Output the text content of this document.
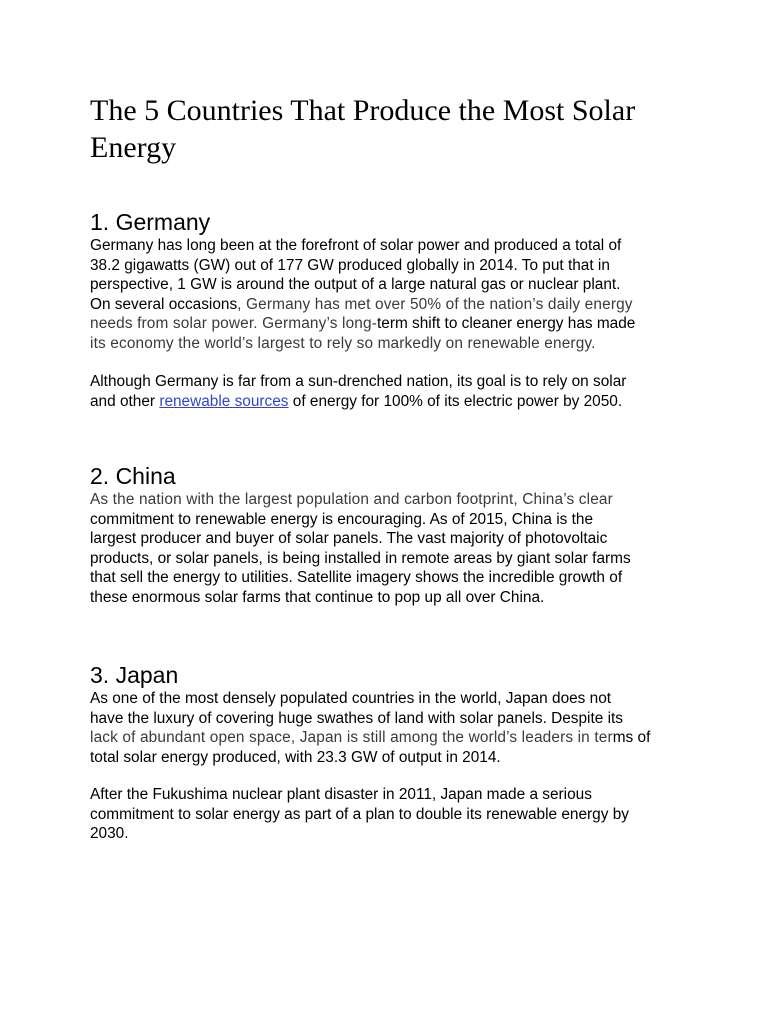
The 5 Countries That Produce the Most Solar Energy
1. Germany
Germany has long been at the forefront of solar power and produced a total of
38.2 gigawatts (GW) out of 177 GW produced globally in 2014. To put that in
perspective, 1 GW is around the output of a large natural gas or nuclear plant.
On several occasions, Germany has met over 50% of the nation’s daily energy
needs from solar power. Germany’s long-term shift to cleaner energy has made
its economy the world’s largest to rely so markedly on renewable energy.
Although Germany is far from a sun-drenched nation, its goal is to rely on solar
and other renewable sources of energy for 100% of its electric power by 2050.
2. China
As the nation with the largest population and carbon footprint, China’s clear
commitment to renewable energy is encouraging. As of 2015, China is the
largest producer and buyer of solar panels. The vast majority of photovoltaic
products, or solar panels, is being installed in remote areas by giant solar farms
that sell the energy to utilities. Satellite imagery shows the incredible growth of
these enormous solar farms that continue to pop up all over China.
3. Japan
As one of the most densely populated countries in the world, Japan does not
have the luxury of covering huge swathes of land with solar panels. Despite its
lack of abundant open space, Japan is still among the world’s leaders in terms of
total solar energy produced, with 23.3 GW of output in 2014.
After the Fukushima nuclear plant disaster in 2011, Japan made a serious
commitment to solar energy as part of a plan to double its renewable energy by
2030.
